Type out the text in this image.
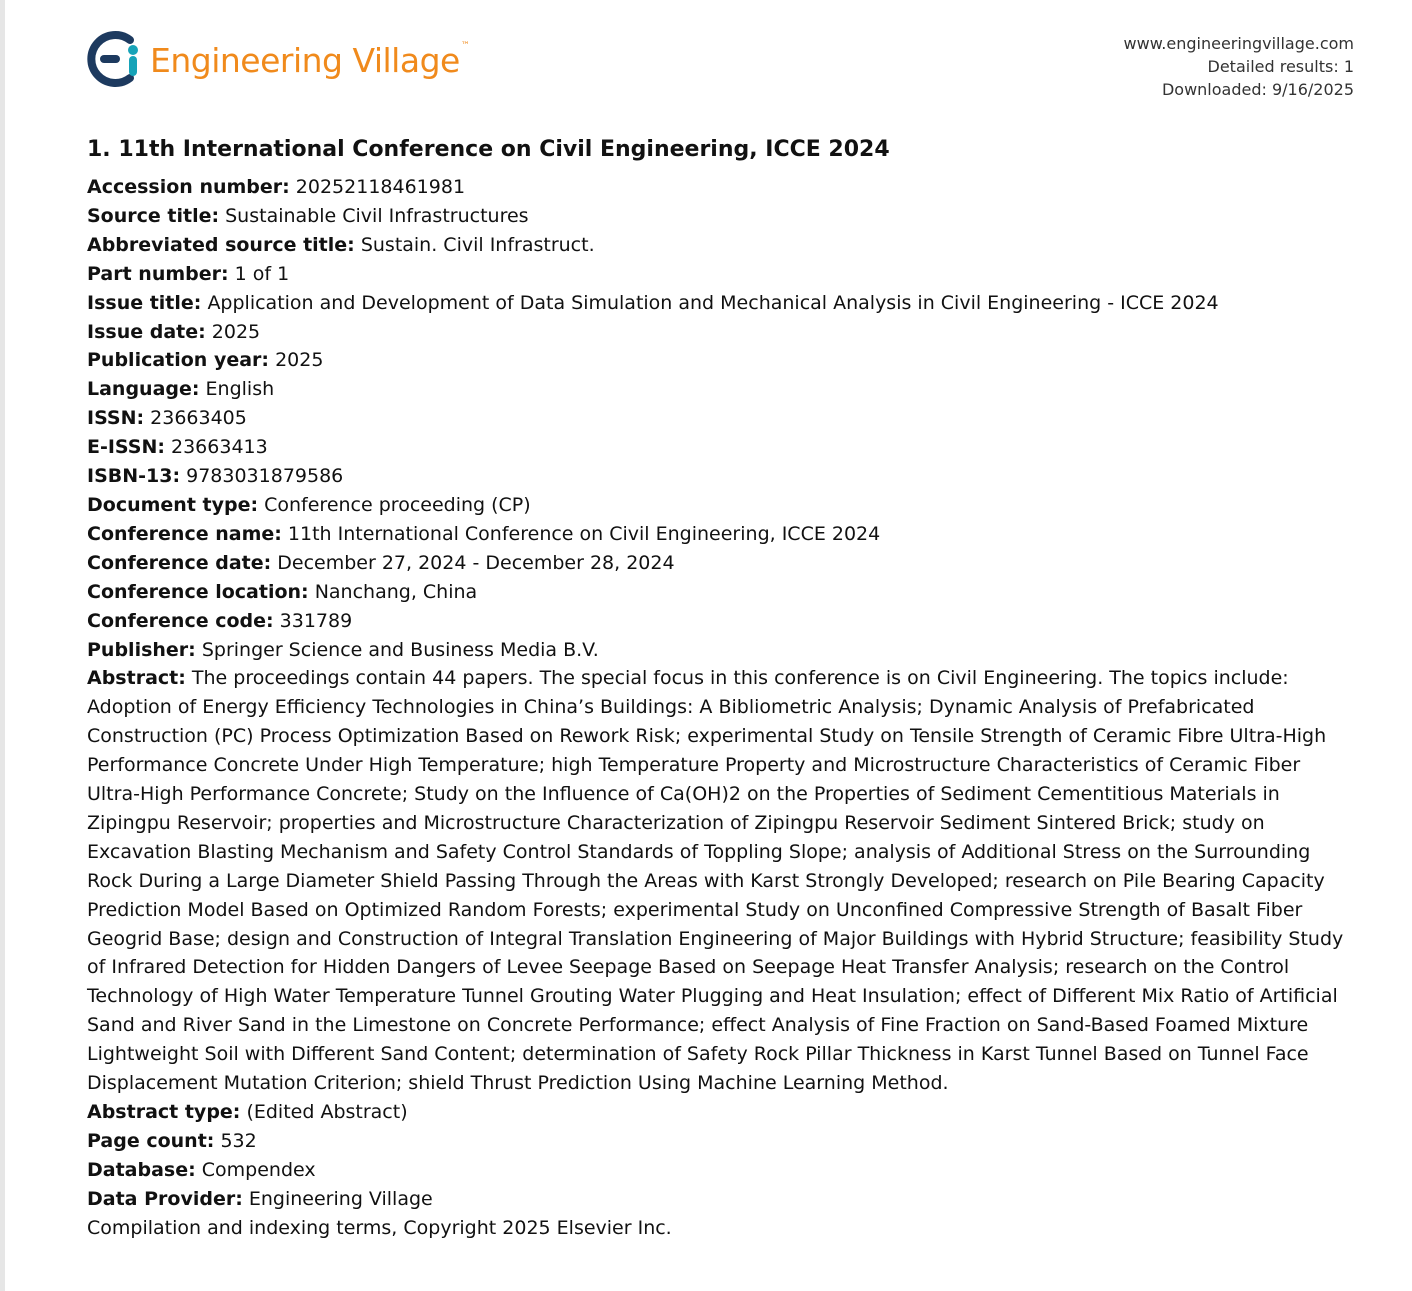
Engineering Village™	www.engineeringvillage.com
Detailed results: 1
Downloaded: 9/16/2025
1. 11th International Conference on Civil Engineering, ICCE 2024

Accession number: 20252118461981

Source title: Sustainable Civil Infrastructures

Abbreviated source title: Sustain. Civil Infrastruct.

Part number: 1 of 1

Issue title: Application and Development of Data Simulation and Mechanical Analysis in Civil Engineering - ICCE 2024

Issue date: 2025

Publication year: 2025

Language: English

ISSN: 23663405

E-ISSN: 23663413

ISBN-13: 9783031879586

Document type: Conference proceeding (CP)

Conference name: 11th International Conference on Civil Engineering, ICCE 2024

Conference date: December 27, 2024 - December 28, 2024

Conference location: Nanchang, China

Conference code: 331789

Publisher: Springer Science and Business Media B.V.

Abstract: The proceedings contain 44 papers. The special focus in this conference is on Civil Engineering. The topics include: Adoption of Energy Efficiency Technologies in China’s Buildings: A Bibliometric Analysis; Dynamic Analysis of Prefabricated Construction (PC) Process Optimization Based on Rework Risk; experimental Study on Tensile Strength of Ceramic Fibre Ultra-High Performance Concrete Under High Temperature; high Temperature Property and Microstructure Characteristics of Ceramic Fiber Ultra-High Performance Concrete; Study on the Influence of Ca(OH)2 on the Properties of Sediment Cementitious Materials in Zipingpu Reservoir; properties and Microstructure Characterization of Zipingpu Reservoir Sediment Sintered Brick; study on Excavation Blasting Mechanism and Safety Control Standards of Toppling Slope; analysis of Additional Stress on the Surrounding Rock During a Large Diameter Shield Passing Through the Areas with Karst Strongly Developed; research on Pile Bearing Capacity Prediction Model Based on Optimized Random Forests; experimental Study on Unconfined Compressive Strength of Basalt Fiber Geogrid Base; design and Construction of Integral Translation Engineering of Major Buildings with Hybrid Structure; feasibility Study of Infrared Detection for Hidden Dangers of Levee Seepage Based on Seepage Heat Transfer Analysis; research on the Control Technology of High Water Temperature Tunnel Grouting Water Plugging and Heat Insulation; effect of Different Mix Ratio of Artificial Sand and River Sand in the Limestone on Concrete Performance; effect Analysis of Fine Fraction on Sand-Based Foamed Mixture Lightweight Soil with Different Sand Content; determination of Safety Rock Pillar Thickness in Karst Tunnel Based on Tunnel Face Displacement Mutation Criterion; shield Thrust Prediction Using Machine Learning Method.

Abstract type: (Edited Abstract)

Page count: 532

Database: Compendex

Data Provider: Engineering Village

Compilation and indexing terms, Copyright 2025 Elsevier Inc.
